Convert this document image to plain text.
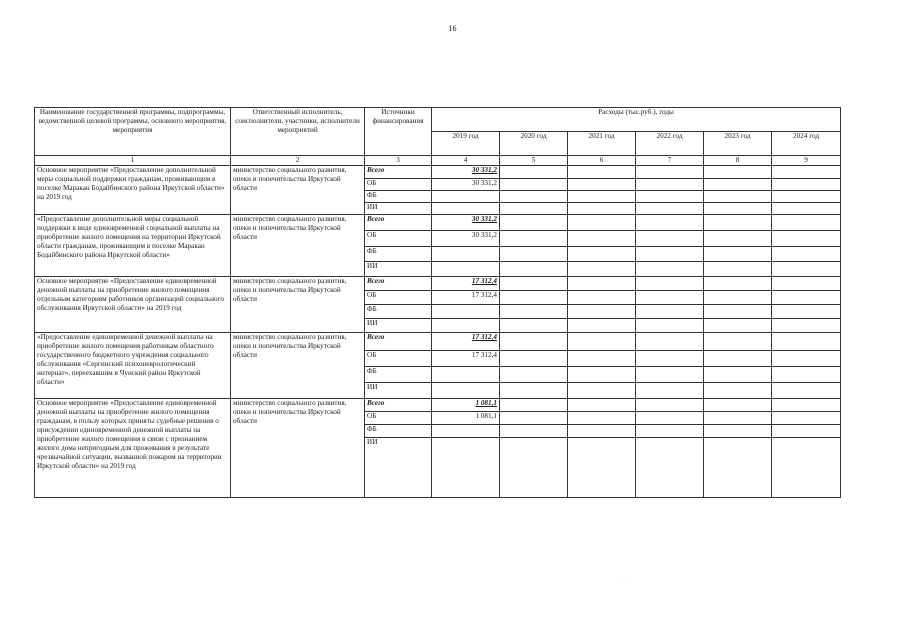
16
Наименование государственной программы, подпрограммы, ведомственной целевой программы, основного мероприятия, мероприятия	Ответственный исполнитель, соисполнители, участники, исполнители мероприятий	Источники финансирования	Расходы (тыс.руб.), годы					
			2019 год	2020 год	2021 год	2022 год	2023 год	2024 год
1	2	3	4	5	6	7	8	9
Основное мероприятие «Предоставление дополнительной меры социальной поддержки гражданам, проживающим в поселке Маракан Бодайбинского района Иркутской области» на 2019 год	министерство социального развития, опеки и попечительства Иркутской области	Всего	30 331,2					
		ОБ	30 331,2					
		ФБ						
		ИИ						
«Предоставление дополнительной меры социальной поддержки в виде единовременной социальной выплаты на приобретение жилого помещения на территории Иркутской области гражданам, проживающим в поселке Маракан Бодайбинского района Иркутской области»	министерство социального развития, опеки и попечительства Иркутской области	Всего	30 331,2					
		ОБ	30 331,2					
		ФБ						
		ИИ						
Основное мероприятие «Предоставление единовременной денежной выплаты на приобретение жилого помещения отдельным категориям работников организаций социального обслуживания Иркутской области» на 2019 год	министерство социального развития, опеки и попечительства Иркутской области	Всего	17 312,4					
		ОБ	17 312,4					
		ФБ						
		ИИ						
«Предоставление единовременной денежной выплаты на приобретение жилого помещения работникам областного государственного бюджетного учреждения социального обслуживания «Сергинский психоневрологический интернат», переехавшим в Чунский район Иркутской области»	министерство социального развития, опеки и попечительства Иркутской области	Всего	17 312,4					
		ОБ	17 312,4					
		ФБ						
		ИИ						
Основное мероприятие «Предоставление единовременной денежной выплаты на приобретение жилого помещения гражданам, в пользу которых приняты судебные решения о присуждении единовременной денежной выплаты на приобретение жилого помещения в связи с признанием жилого дома непригодным для проживания в результате чрезвычайной ситуации, вызванной пожаром на территории Иркутской области» на 2019 год	министерство социального развития, опеки и попечительства Иркутской области	Всего	1 081,1					
		ОБ	1 081,1					
		ФБ						
		ИИ						
·
